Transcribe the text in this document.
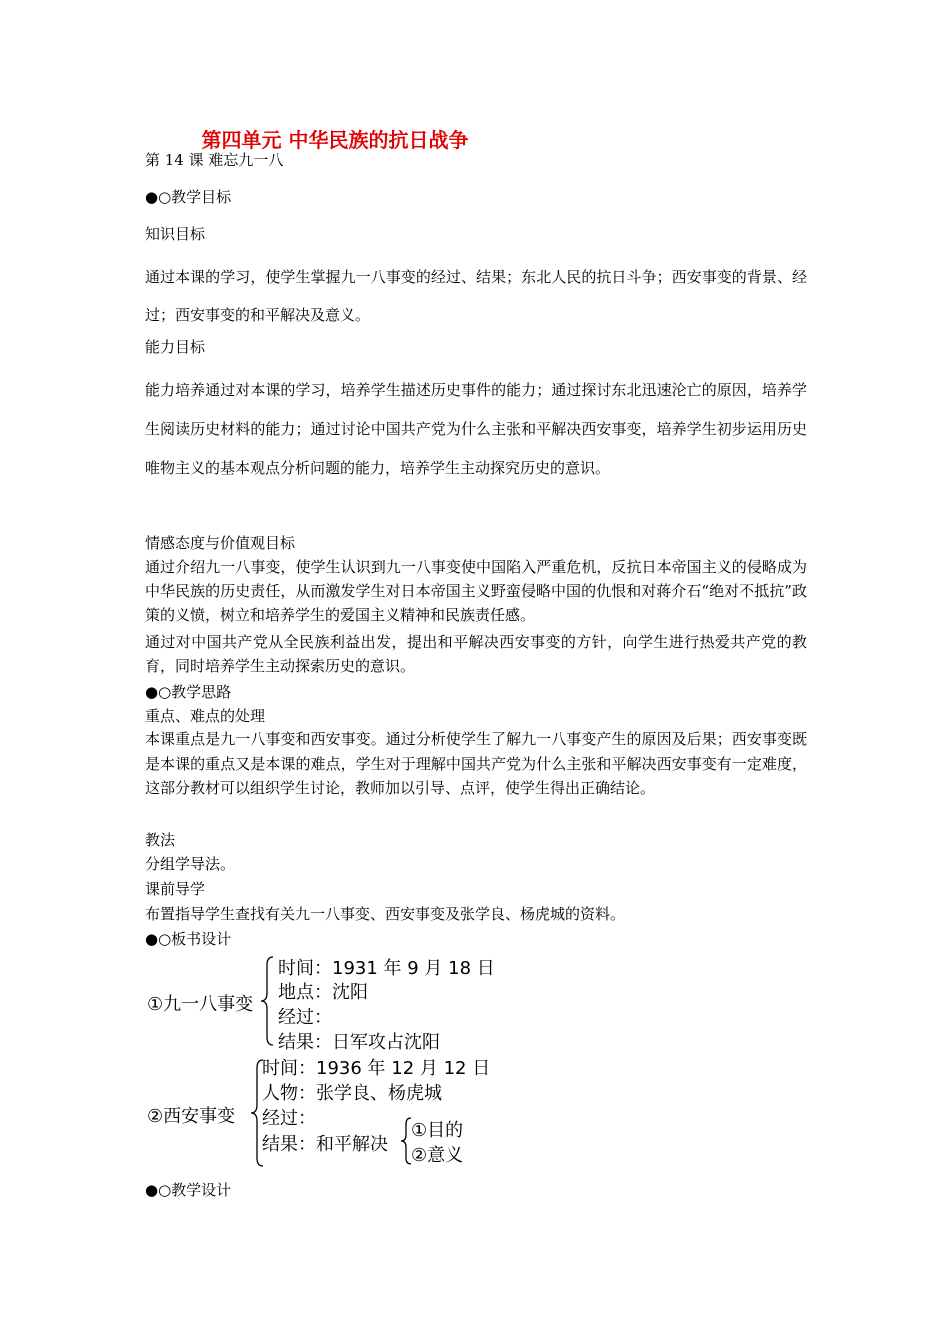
第四单元 中华民族的抗日战争
第 14 课 难忘九一八
●○教学目标
知识目标
通过本课的学习，使学生掌握九一八事变的经过、结果；东北人民的抗日斗争；西安事变的背景、经过；西安事变的和平解决及意义。
能力目标
能力培养通过对本课的学习，培养学生描述历史事件的能力；通过探讨东北迅速沦亡的原因，培养学生阅读历史材料的能力；通过讨论中国共产党为什么主张和平解决西安事变，培养学生初步运用历史唯物主义的基本观点分析问题的能力，培养学生主动探究历史的意识。
情感态度与价值观目标
通过介绍九一八事变，使学生认识到九一八事变使中国陷入严重危机，反抗日本帝国主义的侵略成为中华民族的历史责任，从而激发学生对日本帝国主义野蛮侵略中国的仇恨和对蒋介石“绝对不抵抗”政策的义愤，树立和培养学生的爱国主义精神和民族责任感。
通过对中国共产党从全民族利益出发，提出和平解决西安事变的方针，向学生进行热爱共产党的教育，同时培养学生主动探索历史的意识。
●○教学思路
重点、难点的处理
本课重点是九一八事变和西安事变。通过分析使学生了解九一八事变产生的原因及后果；西安事变既是本课的重点又是本课的难点，学生对于理解中国共产党为什么主张和平解决西安事变有一定难度，这部分教材可以组织学生讨论，教师加以引导、点评，使学生得出正确结论。
教法
分组学导法。
课前导学
布置指导学生查找有关九一八事变、西安事变及张学良、杨虎城的资料。
●○板书设计
●○教学设计
①九一八事变
时间：1931 年 9 月 18 日
地点：沈阳
经过：
结果：日军攻占沈阳
②西安事变
时间：1936 年 12 月 12 日
人物：张学良、杨虎城
经过：
结果：和平解决
①目的
②意义
